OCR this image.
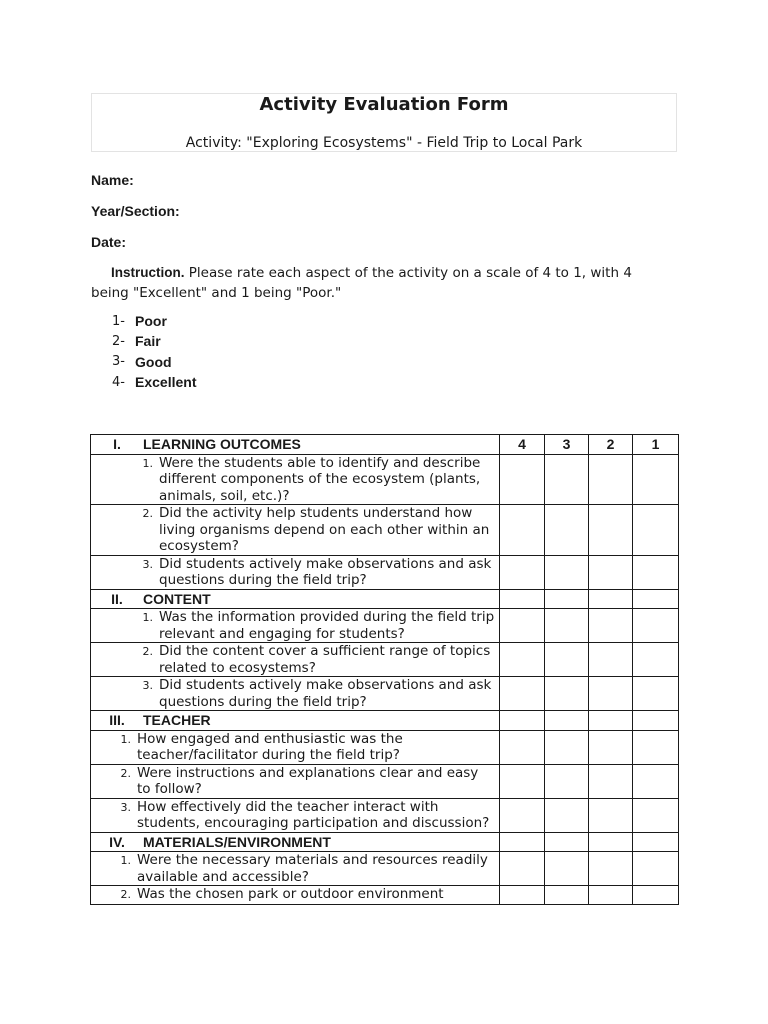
Activity Evaluation Form
Activity: "Exploring Ecosystems" - Field Trip to Local Park
Name:
Year/Section:
Date:
Instruction. Please rate each aspect of the activity on a scale of 4 to 1, with 4 being "Excellent" and 1 being "Poor."
1- Poor
2- Fair
3- Good
4- Excellent
I. LEARNING OUTCOMES	4	3	2	1

1. Were the students able to identify and describe different components of the ecosystem (plants, animals, soil, etc.)?				

2. Did the activity help students understand how living organisms depend on each other within an ecosystem?				

3. Did students actively make observations and ask questions during the field trip?				

II. CONTENT				

1. Was the information provided during the field trip relevant and engaging for students?				

2. Did the content cover a sufficient range of topics related to ecosystems?				

3. Did students actively make observations and ask questions during the field trip?				

III. TEACHER				

1. How engaged and enthusiastic was the teacher/facilitator during the field trip?				

2. Were instructions and explanations clear and easy to follow?				

3. How effectively did the teacher interact with students, encouraging participation and discussion?				

IV. MATERIALS/ENVIRONMENT				

1. Were the necessary materials and resources readily available and accessible?				

2. Was the chosen park or outdoor environment				
